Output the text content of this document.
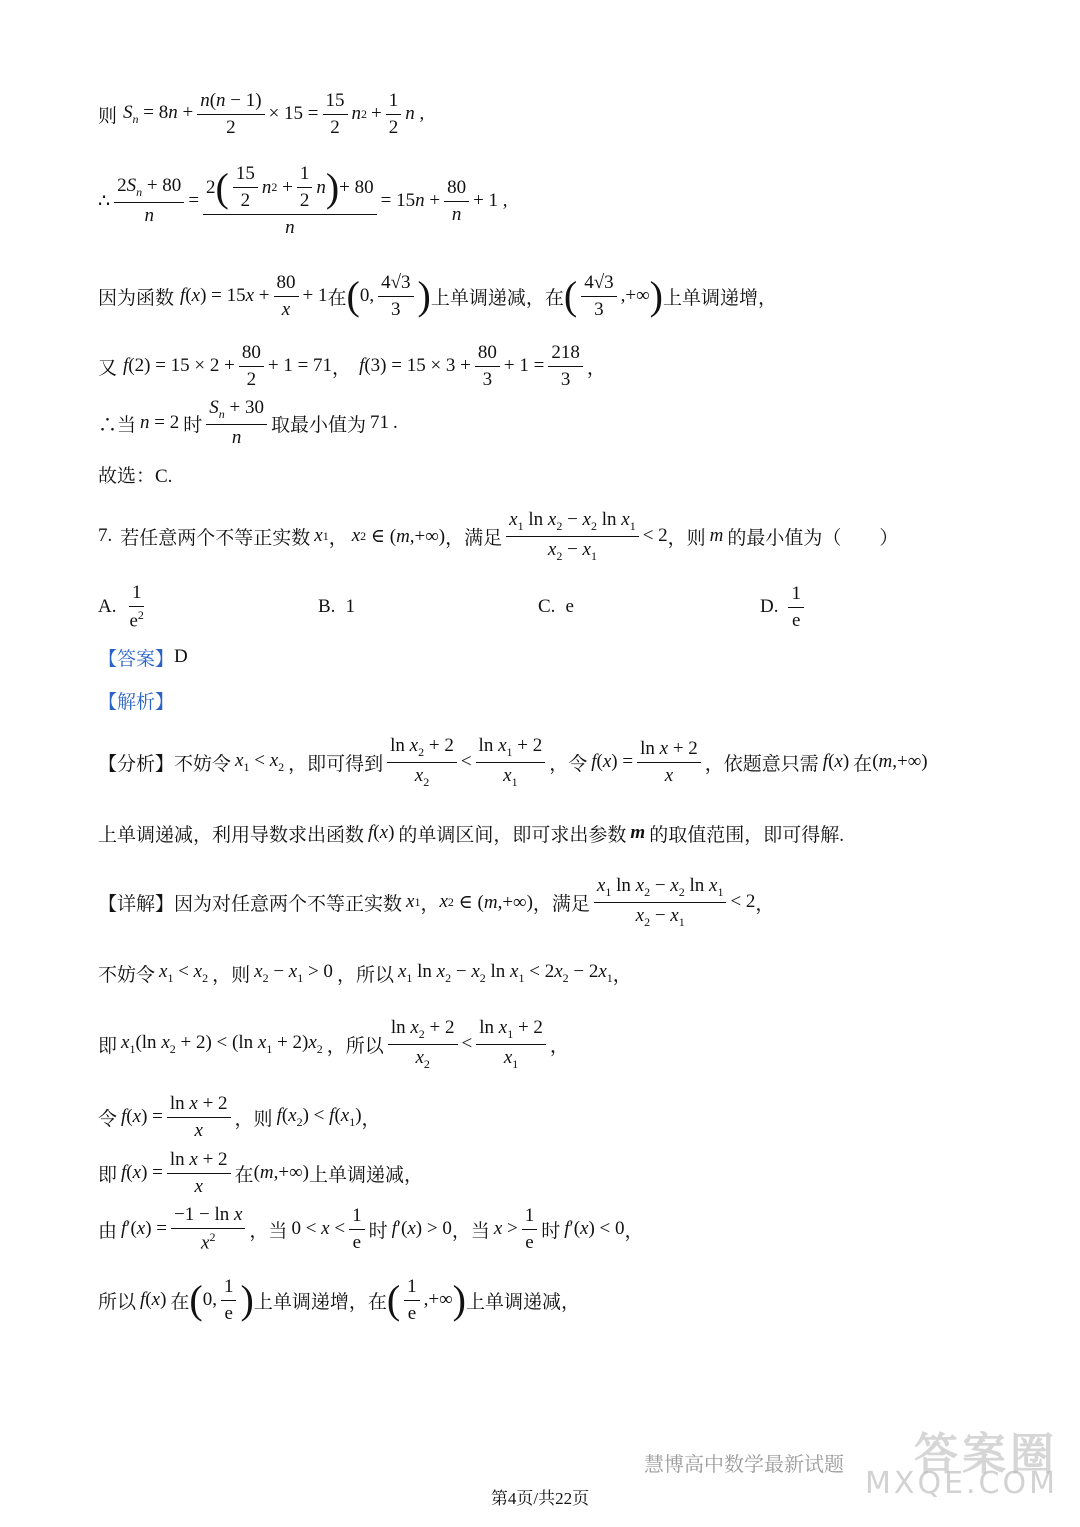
则 $S_n = 8n + \frac{n(n - 1)}{2} \times 15 = \frac{15}{2}$ n $2 + \frac{1}{2}$ n ,
∴ $\frac{2S_n + 80}{n} = \frac{2 ( \frac{15}{2} n 2 + \frac{1}{2} n ) + 80}{n} = 15n + \frac{80}{n} + 1$ ,
因为函数 f $(x) = 15x + \frac{80}{x} + 1$ 在 ( 0, $\frac{4√3}{3}$ ) 上单调递减，在 ( $\frac{4√3}{3}$ ,+∞ ) 上单调递增，
又 $f(2) = 15 \times 2 + \frac{80}{2} + 1 = 71$ ， $f(3) = 15 \times 3 + \frac{80}{3} + 1 = \frac{218}{3}$ ，
∴当 n = 2 时 $\frac{S_n + 30}{n}$ 取最小值为 71 .
故选：C.
7. 若任意两个不等正实数 x 1 ， x 2 ∈ (m,+∞) ，满足 $\frac{x_1 \ln x_2 - x_2 \ln x_1}{x_2 - x_1} < 2$ ，则 m 的最小值为（　　）
A. $\frac{1}{e^2}$	B. 1	C. e	D. $\frac{1}{e}$
【答案】 D
【解析】
【分析】 不妨令 $x_1 < x_2$ ，即可得到 $\frac{\ln x_2 + 2}{x_2} < \frac{\ln x_1 + 2}{x_1}$ ，令 $f(x) = \frac{\text{ln x + 2}}{x}$ ，依题意只需 f(x) 在 (m,+∞)
上单调递减，利用导数求出函数 f(x) 的单调区间，即可求出参数 m 的取值范围，即可得解.
【详解】 因为对任意两个不等正实数 x 1 ， x 2 ∈ (m,+∞) ，满足 $\frac{x_1 \ln x_2 - x_2 \ln x_1}{x_2 - x_1} < 2$ ，
不妨令 $x_1 < x_2$ ，则 $x_2 - x_1 > 0$ ，所以 $x_1$ $\ln x_2 - x_2$ $\ln x_1 < 2x_2 - 2x_1$ ，
即 $x_1(\ln$ $x_2 + 2) < (\ln$ $x_1 + 2)x_2$ ，所以 $\frac{\ln x_2 + 2}{x_2} < \frac{\ln x_1 + 2}{x_1}$ ，
令 $f(x) = \frac{\text{ln x + 2}}{x}$ ，则 $f(x_2) < f(x_1)$ ，
即 $f(x) = \frac{\text{ln x + 2}}{x}$ 在 (m,+∞) 上单调递减，
由 $f'(x) = \frac{\text{−1 − ln x}}{x^2}$ ，当 $0 < x < \frac{1}{e}$ 时 f′(x) > 0 ，当 $x > \frac{1}{e}$ 时 f′(x) < 0 ，
所以 f(x) 在 ( 0, $\frac{1}{e}$ ) 上单调递增，在 ( $\frac{1}{e}$ ,+∞ ) 上单调递减，
慧博高中数学最新试题 答案圈
MXQE.COM
第4页/共22页
